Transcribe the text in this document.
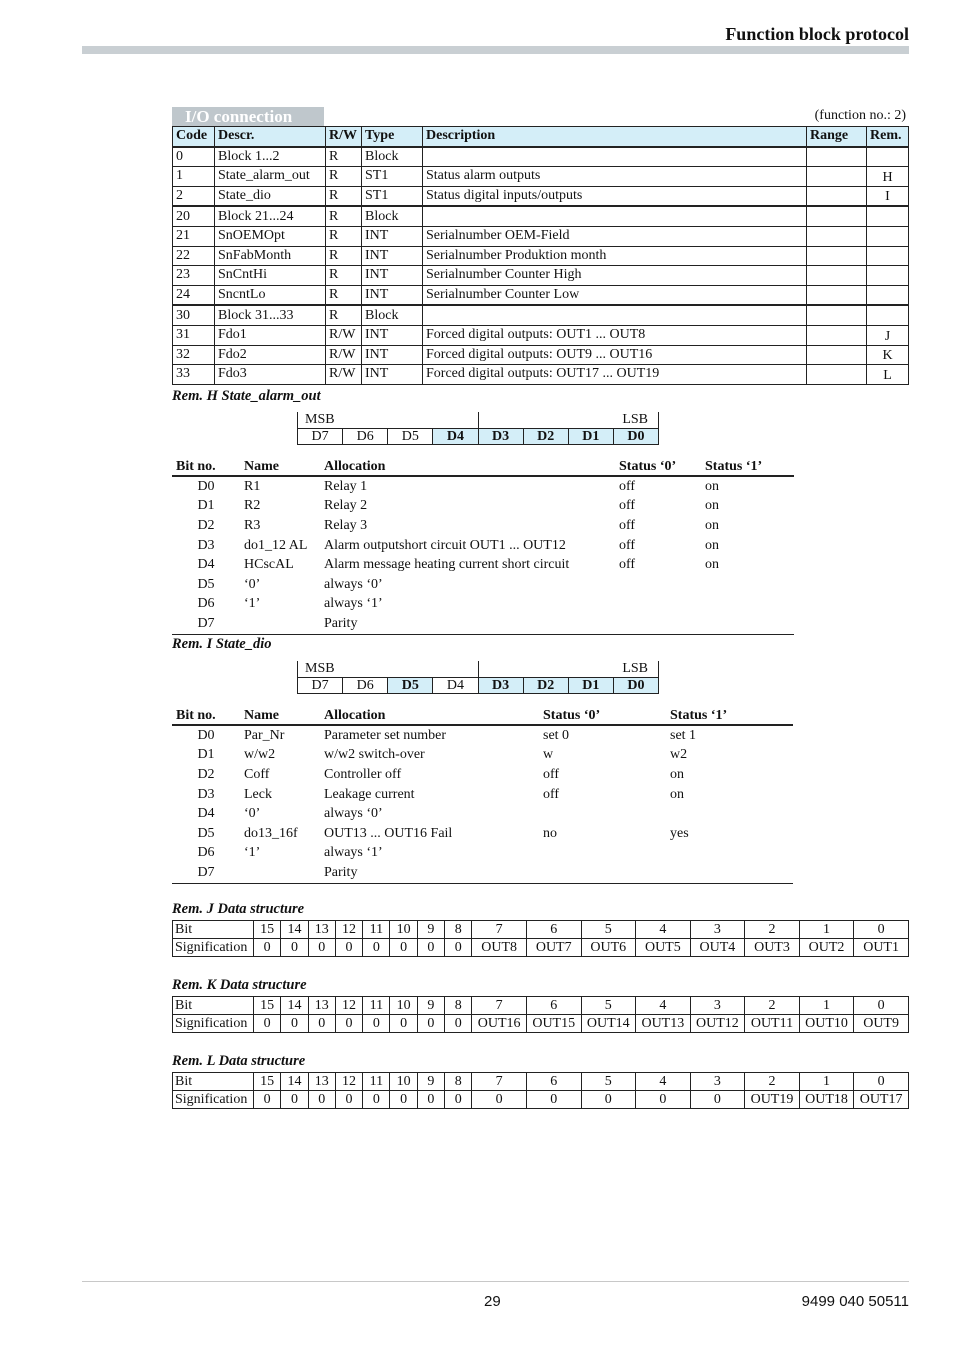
Function block protocol
I/O connection	(function no.: 2)
Code	Descr.	R/W	Type	Description	Range	Rem.
0	Block 1...2	R	Block			
1	State_alarm_out	R	ST1	Status alarm outputs		H
2	State_dio	R	ST1	Status digital inputs/outputs		I
20	Block 21...24	R	Block			
21	SnOEMOpt	R	INT	Serialnumber OEM-Field		
22	SnFabMonth	R	INT	Serialnumber Produktion month		
23	SnCntHi	R	INT	Serialnumber Counter High		
24	SncntLo	R	INT	Serialnumber Counter Low		
30	Block 31...33	R	Block			
31	Fdo1	R/W	INT	Forced digital outputs: OUT1 ... OUT8		J
32	Fdo2	R/W	INT	Forced digital outputs: OUT9 ... OUT16		K
33	Fdo3	R/W	INT	Forced digital outputs: OUT17 ... OUT19		L
Rem. H State_alarm_out
MSB	LSB
D7	D6	D5	D4	D3	D2	D1	D0
Bit no.	Name	Allocation	Status ‘0’	Status ‘1’
D0	R1	Relay 1	off	on
D1	R2	Relay 2	off	on
D2	R3	Relay 3	off	on
D3	do1_12 AL	Alarm outputshort circuit OUT1 ... OUT12	off	on
D4	HCscAL	Alarm message heating current short circuit	off	on
D5	‘0’	always ‘0’		
D6	‘1’	always ‘1’		
D7		Parity		
Rem. I State_dio
MSB	LSB
D7	D6	D5	D4	D3	D2	D1	D0
Bit no.	Name	Allocation	Status ‘0’	Status ‘1’
D0	Par_Nr	Parameter set number	set 0	set 1
D1	w/w2	w/w2 switch-over	w	w2
D2	Coff	Controller off	off	on
D3	Leck	Leakage current	off	on
D4	‘0’	always ‘0’		
D5	do13_16f	OUT13 ... OUT16 Fail	no	yes
D6	‘1’	always ‘1’		
D7		Parity		
Rem. J Data structure
Bit	15	14	13	12	11	10	9	8	7	6	5	4	3	2	1	0
Signification	0	0	0	0	0	0	0	0	OUT8	OUT7	OUT6	OUT5	OUT4	OUT3	OUT2	OUT1
Rem. K Data structure
Bit	15	14	13	12	11	10	9	8	7	6	5	4	3	2	1	0
Signification	0	0	0	0	0	0	0	0	OUT16	OUT15	OUT14	OUT13	OUT12	OUT11	OUT10	OUT9
Rem. L Data structure
Bit	15	14	13	12	11	10	9	8	7	6	5	4	3	2	1	0
Signification	0	0	0	0	0	0	0	0	0	0	0	0	0	OUT19	OUT18	OUT17
29	9499 040 50511
